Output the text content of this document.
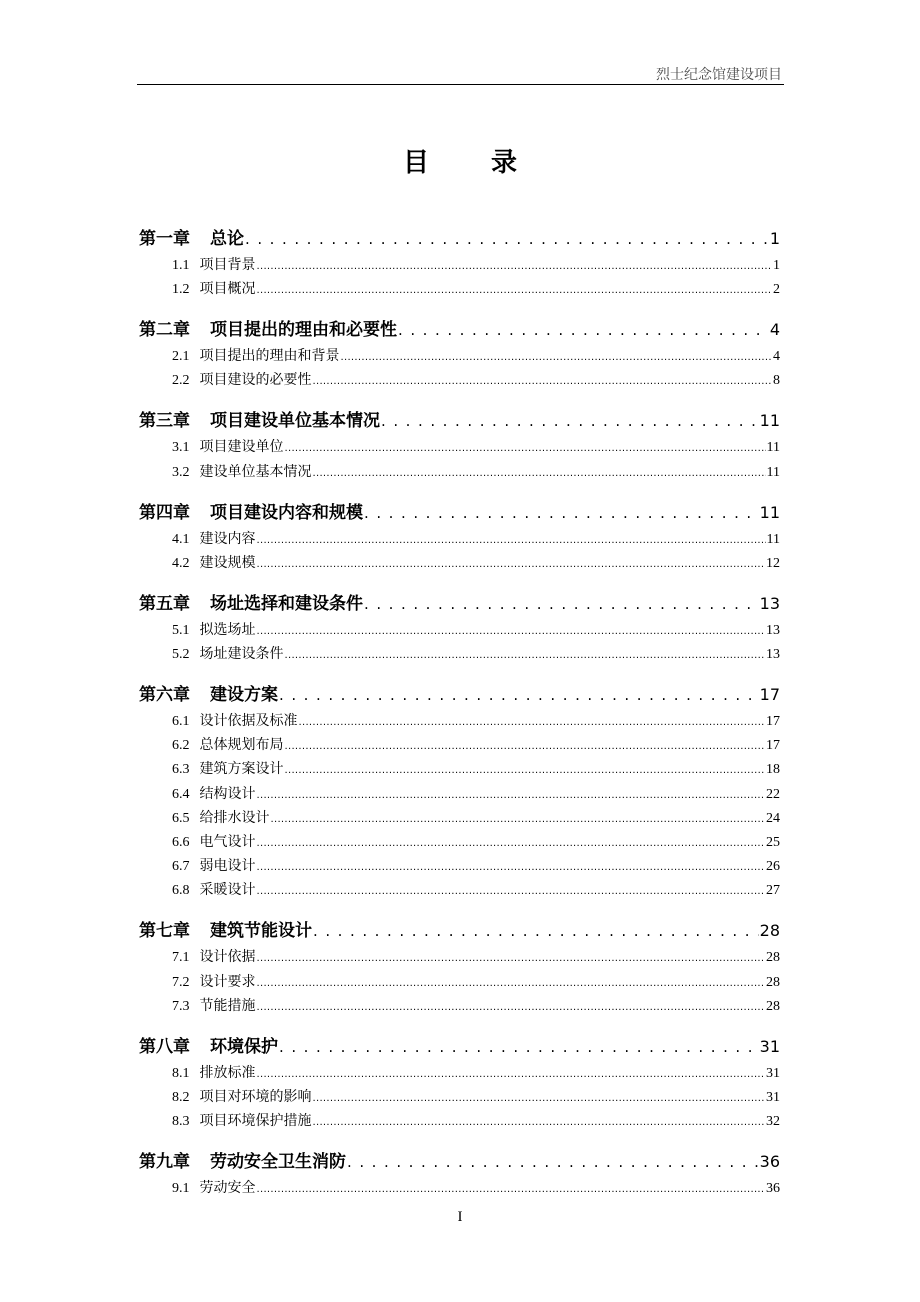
烈士纪念馆建设项目
目录
第一章 总论 . . .	1
1.1 项目背景 .....	1
1.2 项目概况 .....	2
第二章 项目提出的理由和必要性 . . .	4
2.1 项目提出的理由和背景 .....	4
2.2 项目建设的必要性 .....	8
第三章 项目建设单位基本情况 . . .	11
3.1 项目建设单位 .....	11
3.2 建设单位基本情况 .....	11
第四章 项目建设内容和规模 . . .	11
4.1 建设内容 .....	11
4.2 建设规模 .....	12
第五章 场址选择和建设条件 . . .	13
5.1 拟选场址 .....	13
5.2 场址建设条件 .....	13
第六章 建设方案 . . .	17
6.1 设计依据及标准 .....	17
6.2 总体规划布局 .....	17
6.3 建筑方案设计 .....	18
6.4 结构设计 .....	22
6.5 给排水设计 .....	24
6.6 电气设计 .....	25
6.7 弱电设计 .....	26
6.8 采暖设计 .....	27
第七章 建筑节能设计 . . .	28
7.1 设计依据 .....	28
7.2 设计要求 .....	28
7.3 节能措施 .....	28
第八章 环境保护 . . .	31
8.1 排放标准 .....	31
8.2 项目对环境的影响 .....	31
8.3 项目环境保护措施 .....	32
第九章 劳动安全卫生消防 . . .	36
9.1 劳动安全 .....	36
I
